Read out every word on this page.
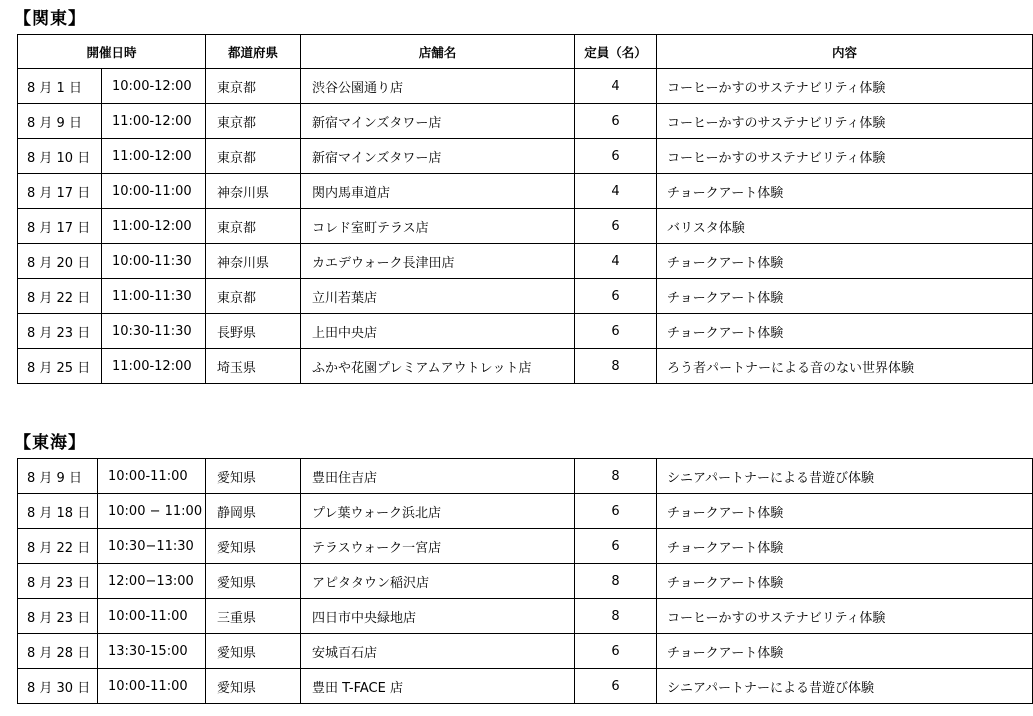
【関東】
開催日時		都道府県	店舗名	定員（名）	内容
8 月 1 日	10:00-12:00	東京都	渋谷公園通り店	4	コーヒーかすのサステナビリティ体験
8 月 9 日	11:00-12:00	東京都	新宿マインズタワー店	6	コーヒーかすのサステナビリティ体験
8 月 10 日	11:00-12:00	東京都	新宿マインズタワー店	6	コーヒーかすのサステナビリティ体験
8 月 17 日	10:00-11:00	神奈川県	関内馬車道店	4	チョークアート体験
8 月 17 日	11:00-12:00	東京都	コレド室町テラス店	6	バリスタ体験
8 月 20 日	10:00-11:30	神奈川県	カエデウォーク長津田店	4	チョークアート体験
8 月 22 日	11:00-11:30	東京都	立川若葉店	6	チョークアート体験
8 月 23 日	10:30-11:30	長野県	上田中央店	6	チョークアート体験
8 月 25 日	11:00-12:00	埼玉県	ふかや花園プレミアムアウトレット店	8	ろう者パートナーによる音のない世界体験
【東海】
8 月 9 日	10:00-11:00	愛知県	豊田住吉店	8	シニアパートナーによる昔遊び体験
8 月 18 日	10:00 − 11:00	静岡県	プレ葉ウォーク浜北店	6	チョークアート体験
8 月 22 日	10:30−11:30	愛知県	テラスウォーク一宮店	6	チョークアート体験
8 月 23 日	12:00−13:00	愛知県	アピタタウン稲沢店	8	チョークアート体験
8 月 23 日	10:00-11:00	三重県	四日市中央緑地店	8	コーヒーかすのサステナビリティ体験
8 月 28 日	13:30-15:00	愛知県	安城百石店	6	チョークアート体験
8 月 30 日	10:00-11:00	愛知県	豊田 T-FACE 店	6	シニアパートナーによる昔遊び体験
